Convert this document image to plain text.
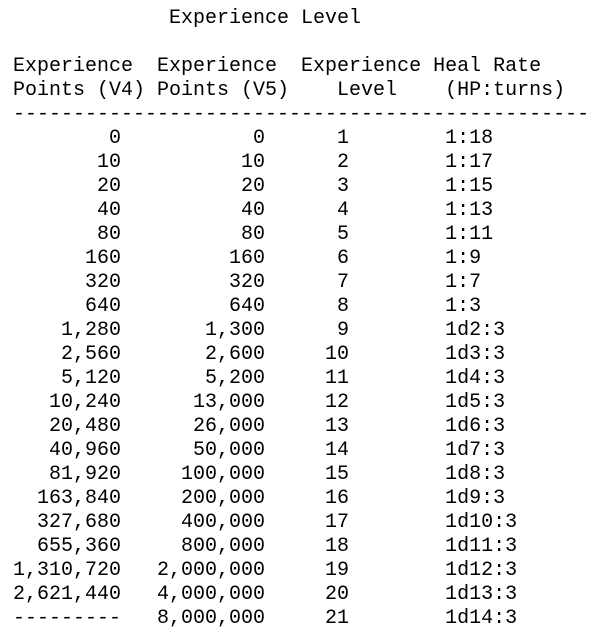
Experience Level

Experience  Experience  Experience Heal Rate
Points (V4) Points (V5)    Level    (HP:turns)
------------------------------------------------
0           0      1        1:18
10          10      2        1:17
20          20      3        1:15
40          40      4        1:13
80          80      5        1:11
160         160      6        1:9
320         320      7        1:7
640         640      8        1:3
1,280       1,300      9        1d2:3
2,560       2,600     10        1d3:3
5,120       5,200     11        1d4:3
10,240      13,000     12        1d5:3
20,480      26,000     13        1d6:3
40,960      50,000     14        1d7:3
81,920     100,000     15        1d8:3
163,840     200,000     16        1d9:3
327,680     400,000     17        1d10:3
655,360     800,000     18        1d11:3
1,310,720   2,000,000     19        1d12:3
2,621,440   4,000,000     20        1d13:3
---------   8,000,000     21        1d14:3
